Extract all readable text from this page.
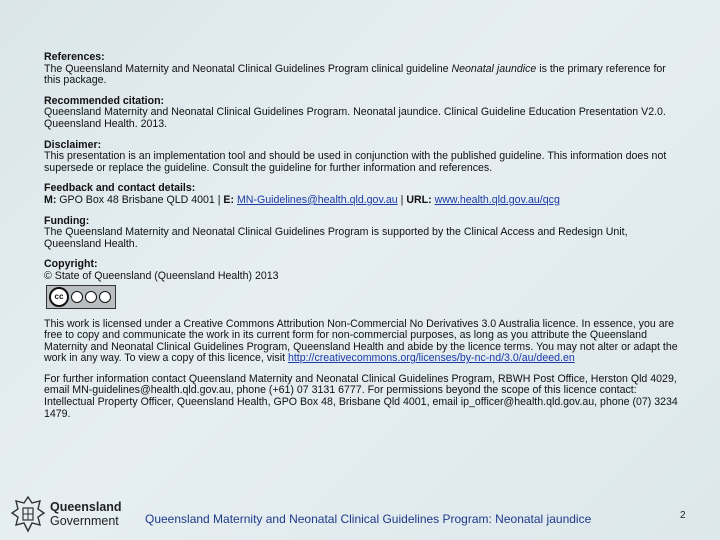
References:
The Queensland Maternity and Neonatal Clinical Guidelines Program clinical guideline Neonatal jaundice is the primary reference for this package.
Recommended citation:
Queensland Maternity and Neonatal Clinical Guidelines Program. Neonatal jaundice. Clinical Guideline Education Presentation V2.0. Queensland Health. 2013.
Disclaimer:
This presentation is an implementation tool and should be used in conjunction with the published guideline. This information does not supersede or replace the guideline. Consult the guideline for further information and references.
Feedback and contact details:
M: GPO Box 48 Brisbane QLD 4001 | E: MN-Guidelines@health.qld.gov.au | URL: www.health.qld.gov.au/qcg
Funding:
The Queensland Maternity and Neonatal Clinical Guidelines Program is supported by the Clinical Access and Redesign Unit, Queensland Health.
Copyright:
© State of Queensland (Queensland Health) 2013
cc
This work is licensed under a Creative Commons Attribution Non-Commercial No Derivatives 3.0 Australia licence. In essence, you are free to copy and communicate the work in its current form for non-commercial purposes, as long as you attribute the Queensland Maternity and Neonatal Clinical Guidelines Program, Queensland Health and abide by the licence terms. You may not alter or adapt the work in any way. To view a copy of this licence, visit http://creativecommons.org/licenses/by-nc-nd/3.0/au/deed.en
For further information contact Queensland Maternity and Neonatal Clinical Guidelines Program, RBWH Post Office, Herston Qld 4029, email MN-guidelines@health.qld.gov.au, phone (+61) 07 3131 6777. For permissions beyond the scope of this licence contact: Intellectual Property Officer, Queensland Health, GPO Box 48, Brisbane Qld 4001, email ip_officer@health.qld.gov.au, phone (07) 3234 1479.
Queensland
Government Queensland Maternity and Neonatal Clinical Guidelines Program: Neonatal jaundice	2
